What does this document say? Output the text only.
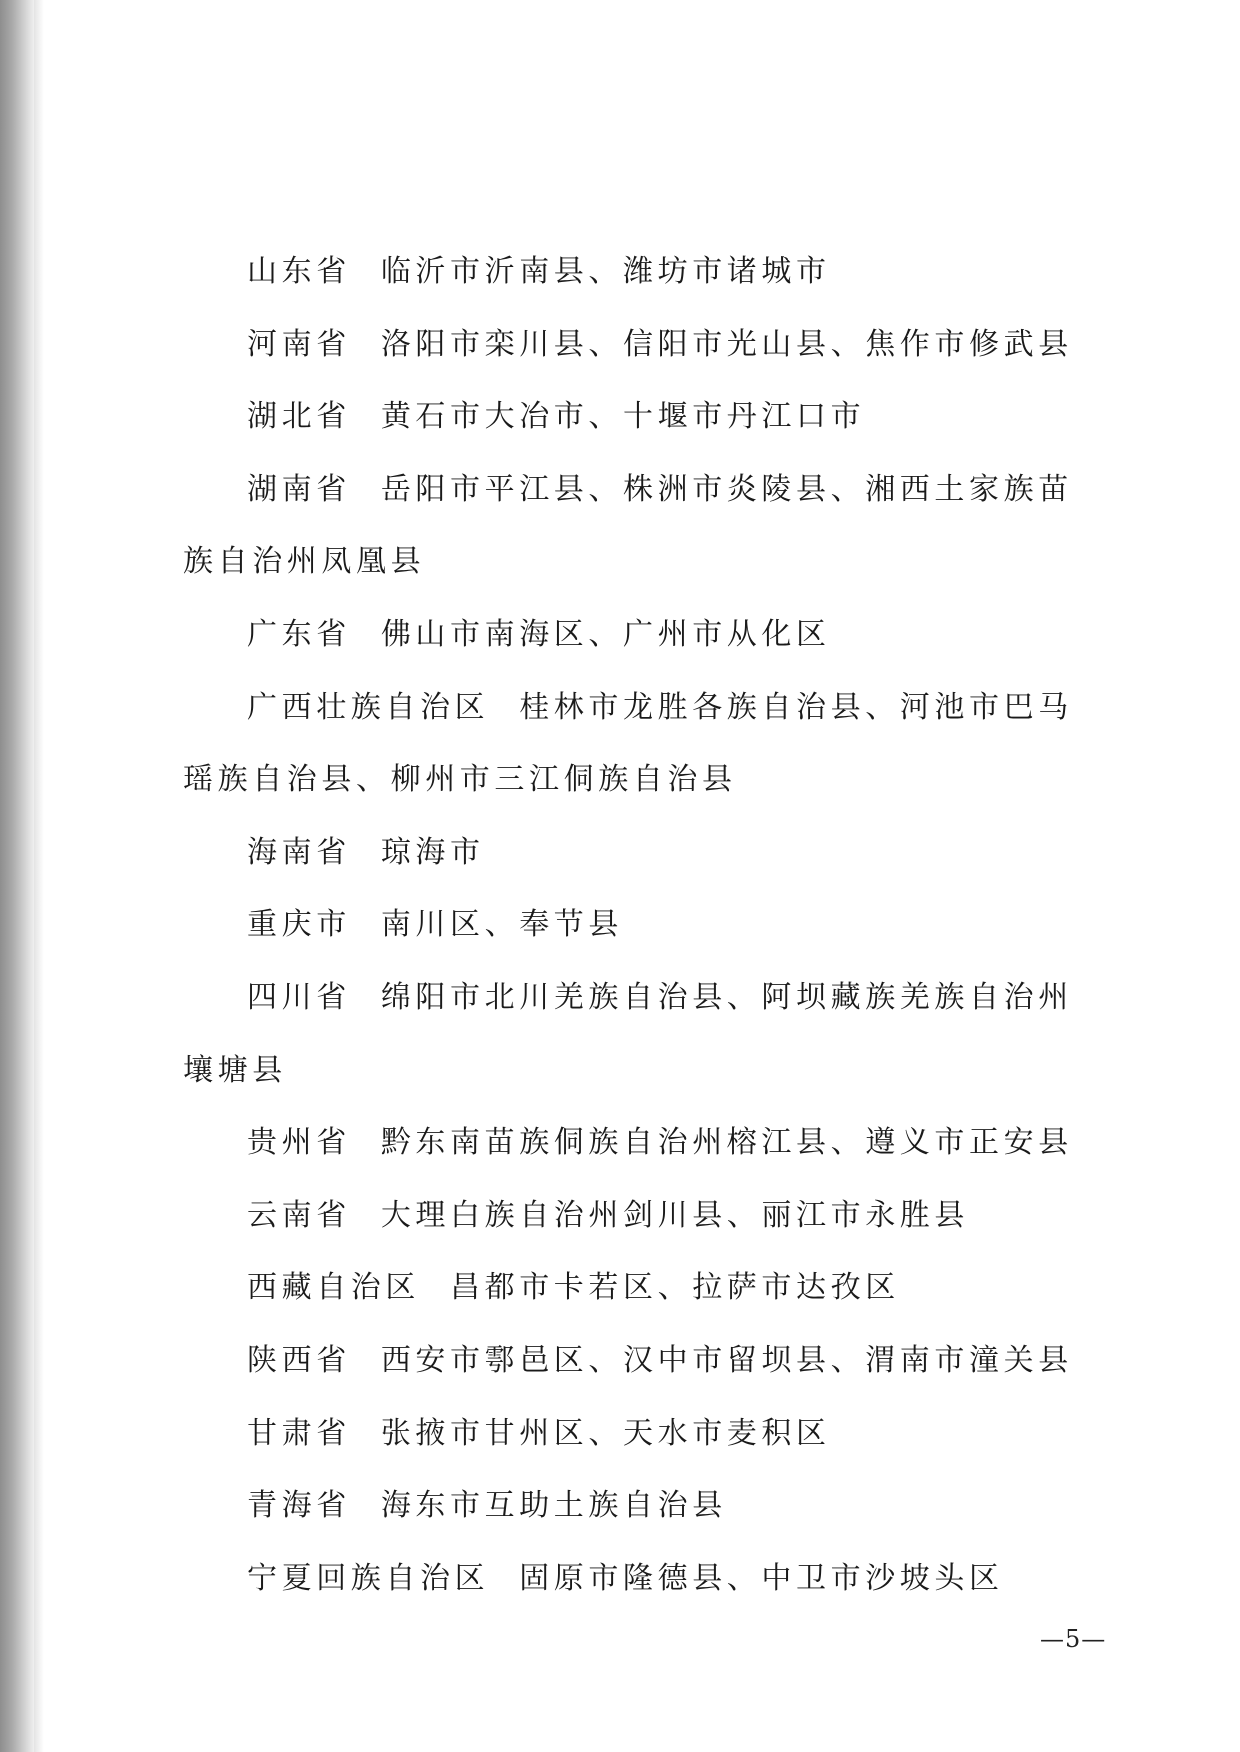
山东省 临沂市沂南县、潍坊市诸城市

河南省 洛阳市栾川县、信阳市光山县、焦作市修武县

湖北省 黄石市大冶市、十堰市丹江口市

湖南省 岳阳市平江县、株洲市炎陵县、湘西土家族苗族自治州凤凰县

广东省 佛山市南海区、广州市从化区

广西壮族自治区 桂林市龙胜各族自治县、河池市巴马瑶族自治县、柳州市三江侗族自治县

海南省 琼海市

重庆市 南川区、奉节县

四川省 绵阳市北川羌族自治县、阿坝藏族羌族自治州壤塘县

贵州省 黔东南苗族侗族自治州榕江县、遵义市正安县

云南省 大理白族自治州剑川县、丽江市永胜县

西藏自治区 昌都市卡若区、拉萨市达孜区

陕西省 西安市鄠邑区、汉中市留坝县、渭南市潼关县

甘肃省 张掖市甘州区、天水市麦积区

青海省 海东市互助土族自治县

宁夏回族自治区 固原市隆德县、中卫市沙坡头区

—5—
